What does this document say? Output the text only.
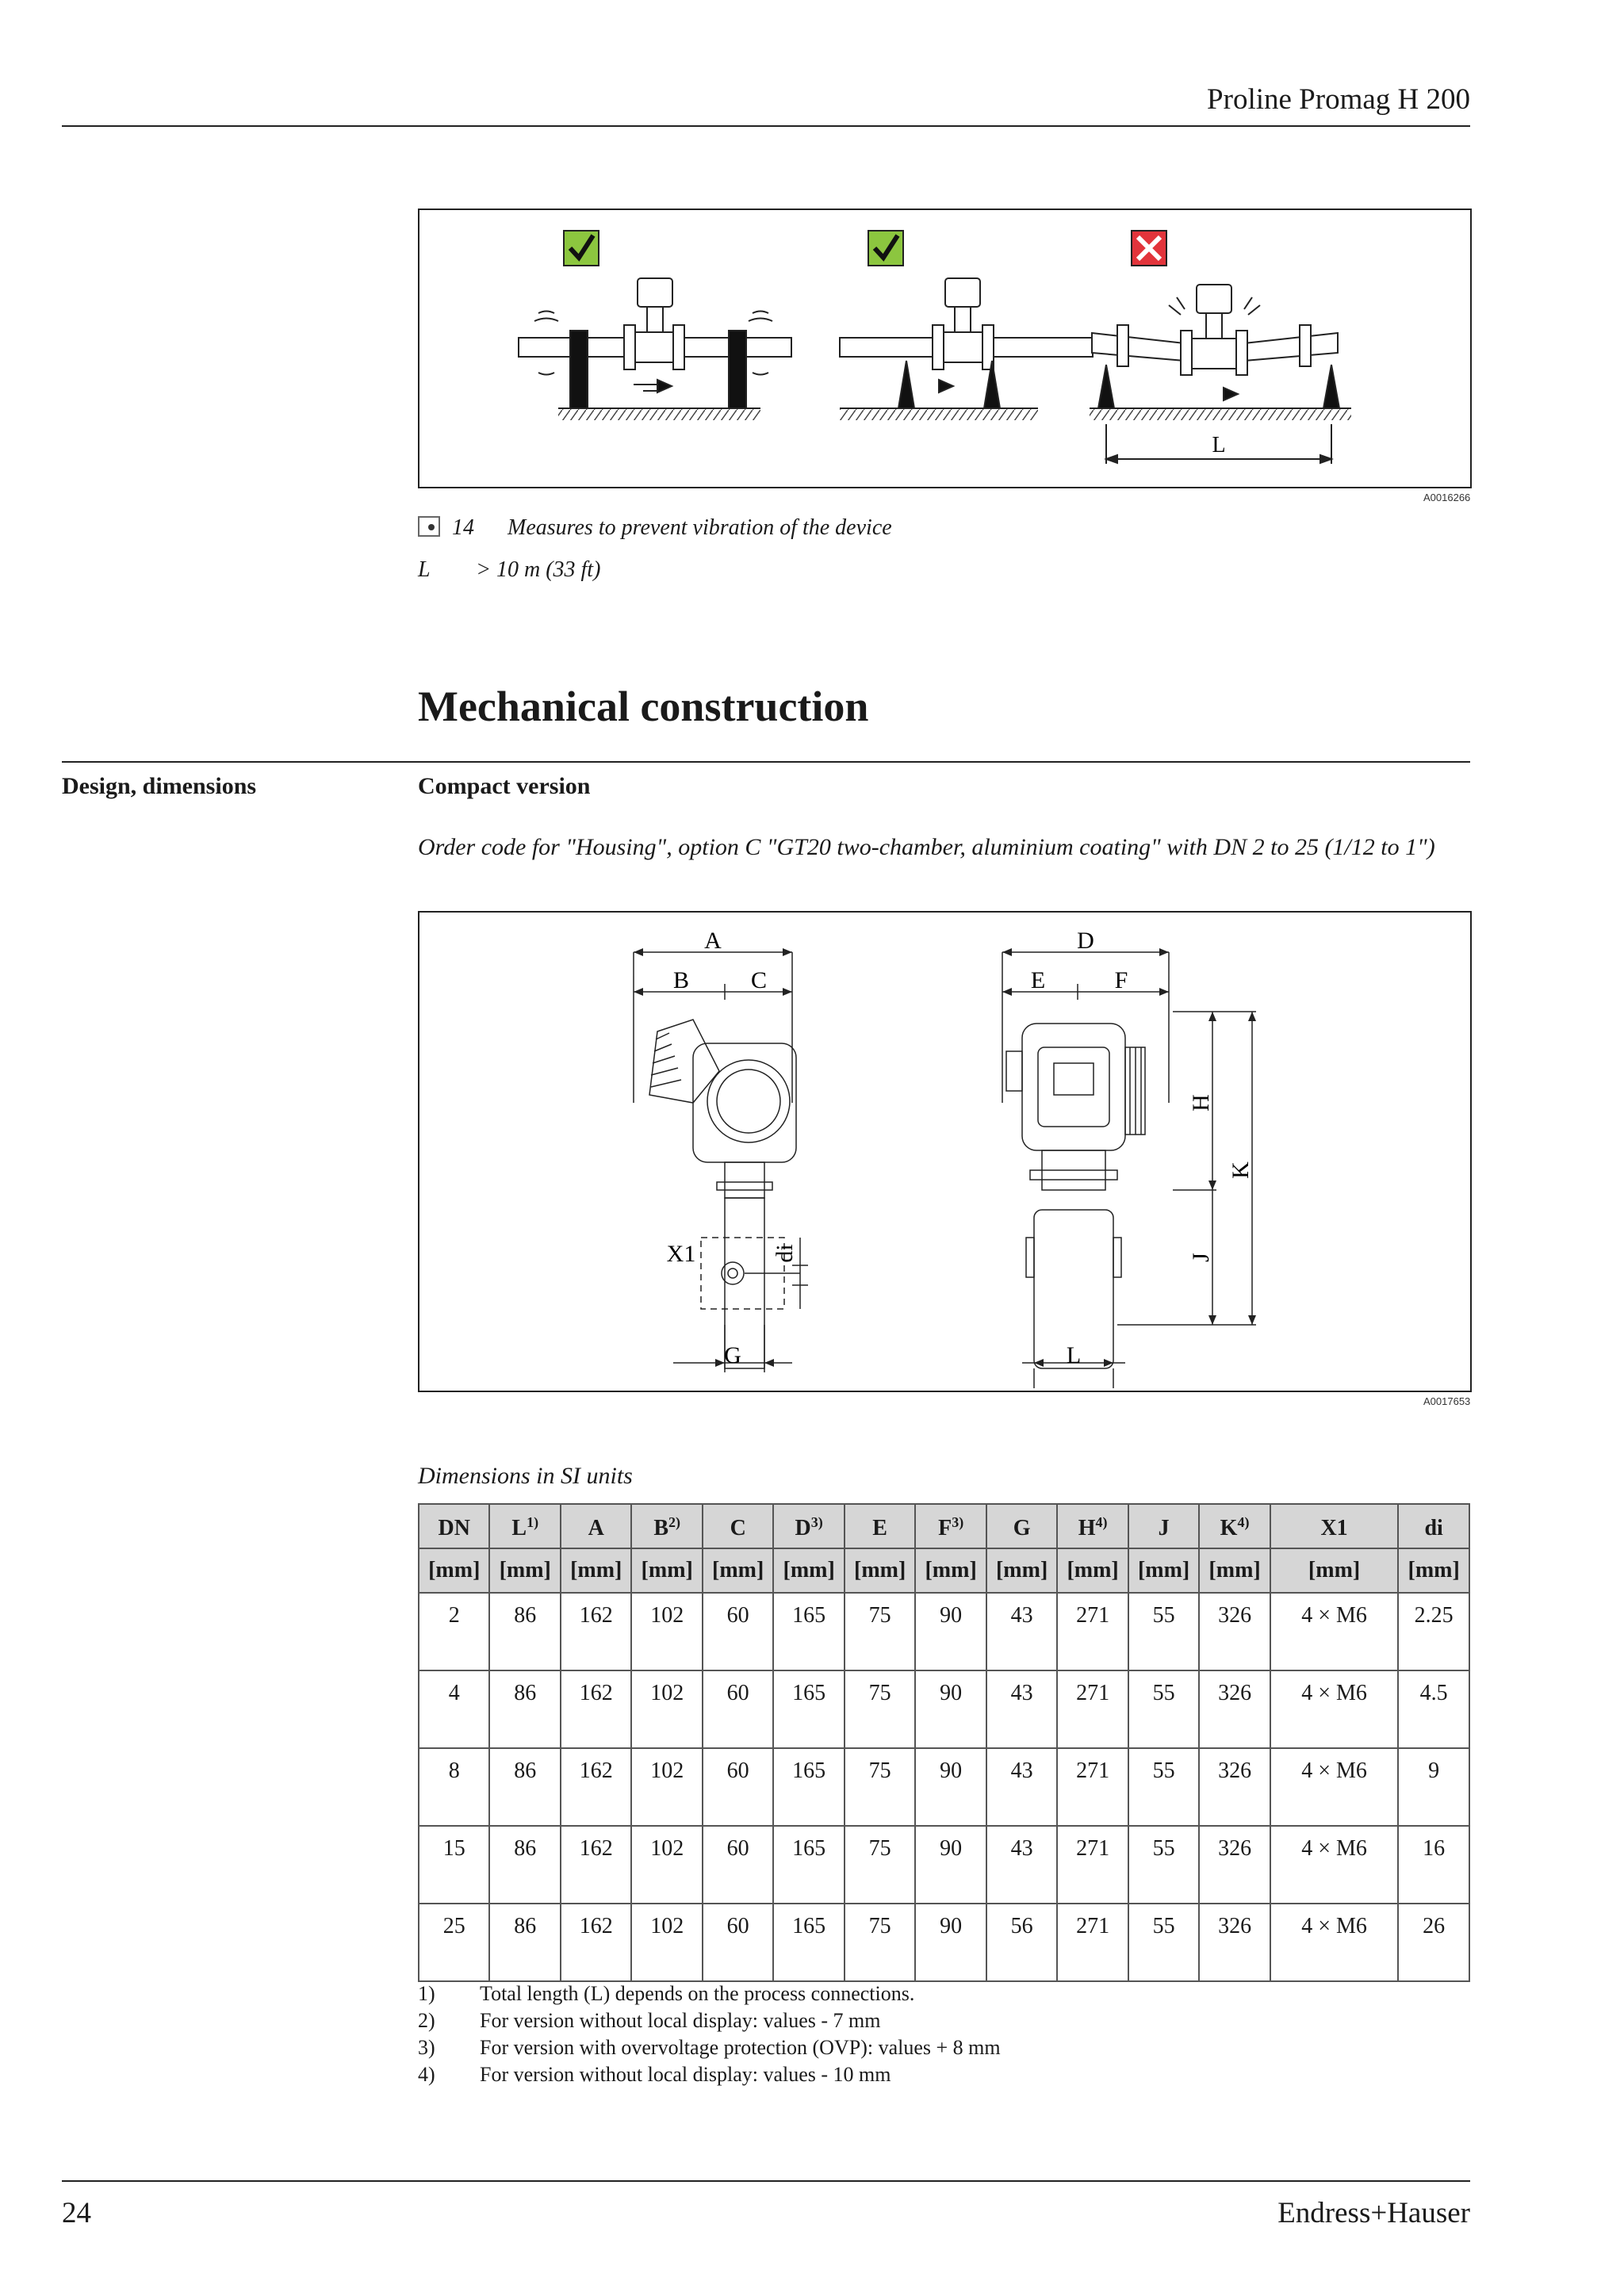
Proline Promag H 200
L
A0016266
14 Measures to prevent vibration of the device
L > 10 m (33 ft)
Mechanical construction
Design, dimensions	Compact version
Order code for "Housing", option C "GT20 two-chamber, aluminium coating" with DN 2 to 25 (1/12 to 1")
A
B	C
D
E	F
G	L
X1	di
H
K
J
A0017653
Dimensions in SI units
DN	$L^{1)}$	A	$B^{2)}$	C	$D^{3)}$	E	$F^{3)}$	G	$H^{4)}$	J	$K^{4)}$	X1	di
[mm]	[mm]	[mm]	[mm]	[mm]	[mm]	[mm]	[mm]	[mm]	[mm]	[mm]	[mm]	[mm]	[mm]
2	86	162	102	60	165	75	90	43	271	55	326	4 × M6	2.25
4	86	162	102	60	165	75	90	43	271	55	326	4 × M6	4.5
8	86	162	102	60	165	75	90	43	271	55	326	4 × M6	9
15	86	162	102	60	165	75	90	43	271	55	326	4 × M6	16
25	86	162	102	60	165	75	90	56	271	55	326	4 × M6	26
1) Total length (L) depends on the process connections.
2) For version without local display: values - 7 mm
3) For version with overvoltage protection (OVP): values + 8 mm
4) For version without local display: values - 10 mm
24	Endress+Hauser
